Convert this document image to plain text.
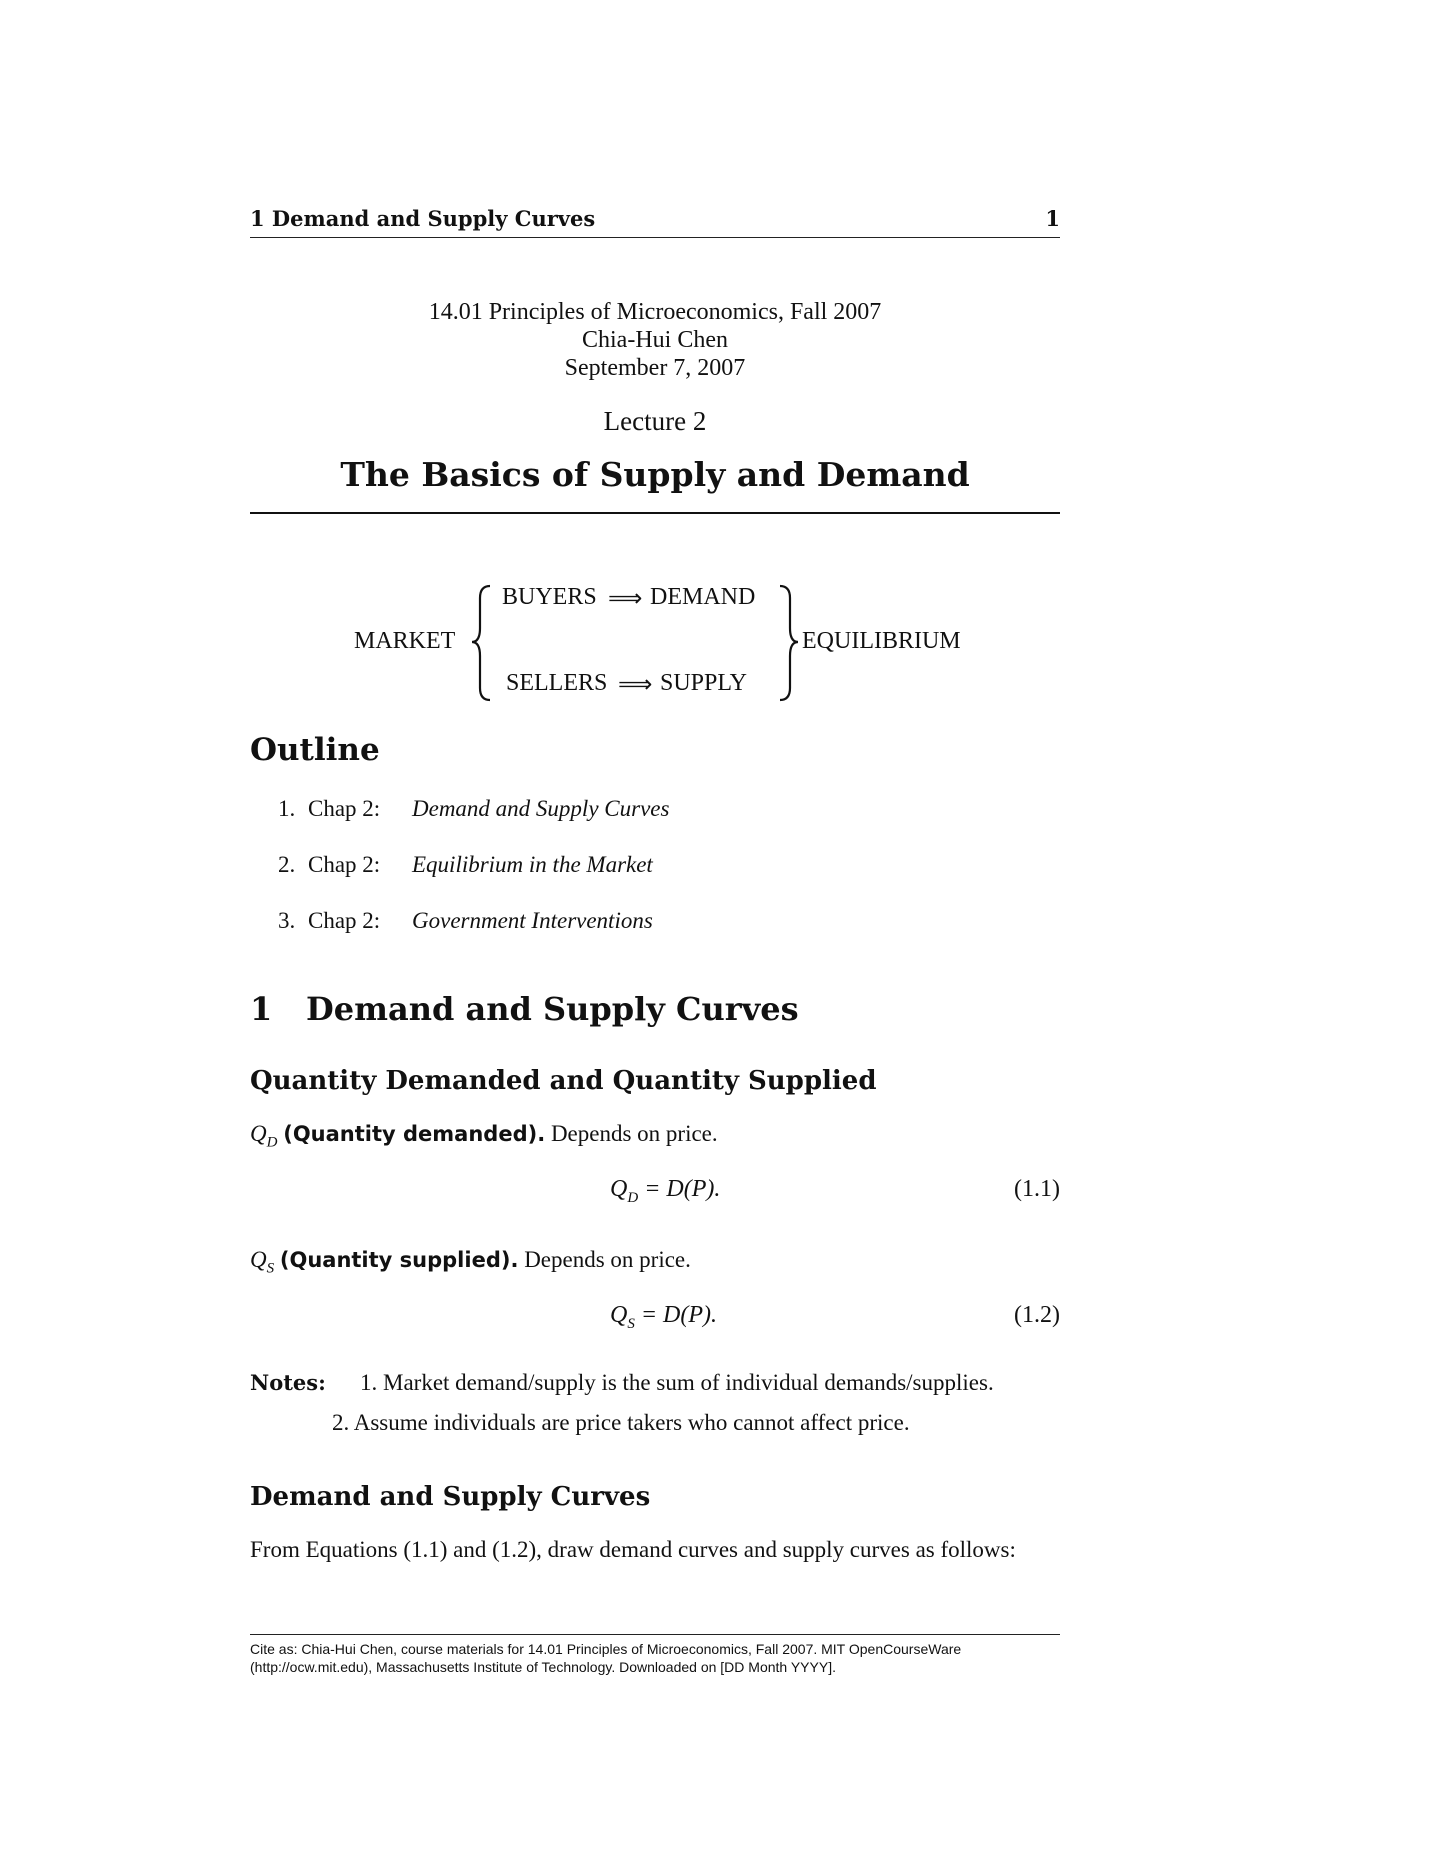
1 Demand and Supply Curves	1
14.01 Principles of Microeconomics, Fall 2007
Chia-Hui Chen
September 7, 2007
Lecture 2
The Basics of Supply and Demand
MARKET
BUYERS ⟹ DEMAND
SELLERS ⟹ SUPPLY
EQUILIBRIUM
Outline
1. Chap 2:	Demand and Supply Curves
2. Chap 2:	Equilibrium in the Market
3. Chap 2:	Government Interventions
1 Demand and Supply Curves
Quantity Demanded and Quantity Supplied
$Q_D$ (Quantity demanded). Depends on price.
$Q_D = D(P)$.	(1.1)
$Q_S$ (Quantity supplied). Depends on price.
$Q_S = D(P)$.	(1.2)
Notes: 1. Market demand/supply is the sum of individual demands/supplies.
2. Assume individuals are price takers who cannot affect price.
Demand and Supply Curves
From Equations (1.1) and (1.2), draw demand curves and supply curves as follows:
Cite as: Chia-Hui Chen, course materials for 14.01 Principles of Microeconomics, Fall 2007. MIT OpenCourseWare (http://ocw.mit.edu), Massachusetts Institute of Technology. Downloaded on [DD Month YYYY].
